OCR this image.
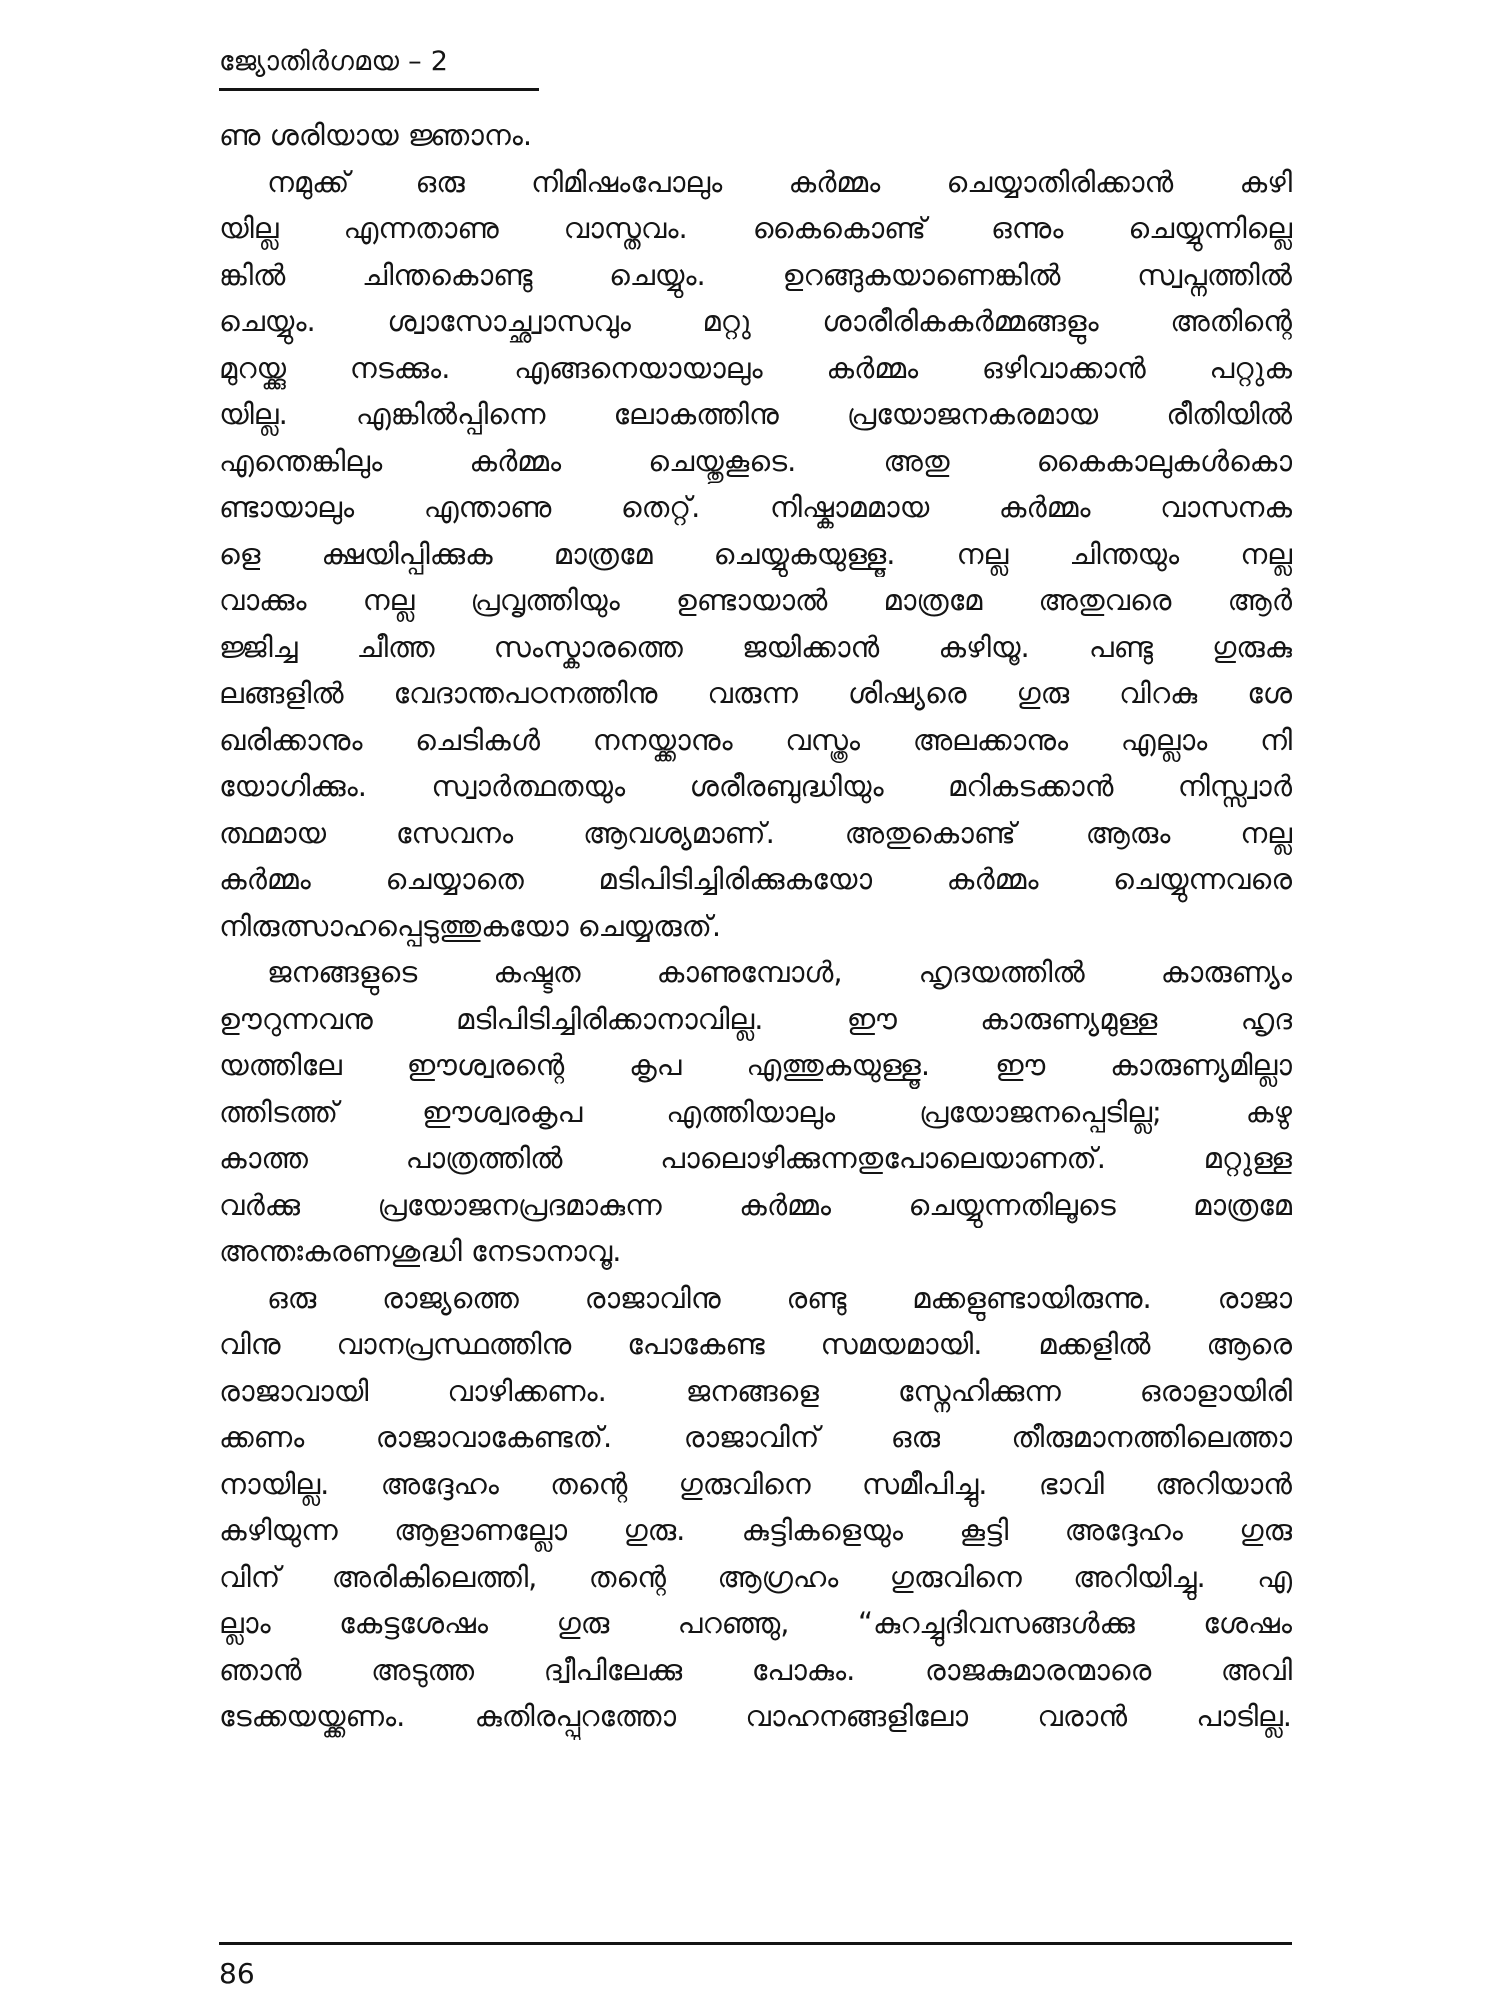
ജ്യോതിർഗമയ – 2
ണു ശരിയായ ജ്ഞാനം.
നമുക്ക് ഒരു നിമിഷംപോലും കർമ്മം ചെയ്യാതിരിക്കാൻ കഴി
യില്ല എന്നതാണു വാസ്തവം. കൈകൊണ്ട് ഒന്നും ചെയ്യുന്നില്ലെ
ങ്കിൽ ചിന്തകൊണ്ടു ചെയ്യും. ഉറങ്ങുകയാണെങ്കിൽ സ്വപ്നത്തിൽ
ചെയ്യും. ശ്വാസോച്ഛ്വാസവും മറ്റു ശാരീരികകർമ്മങ്ങളും അതിന്റെ
മുറയ്ക്കു നടക്കും. എങ്ങനെയായാലും കർമ്മം ഒഴിവാക്കാൻ പറ്റുക
യില്ല. എങ്കിൽപ്പിന്നെ ലോകത്തിനു പ്രയോജനകരമായ രീതിയിൽ
എന്തെങ്കിലും കർമ്മം ചെയ്തുകൂടെ. അതു കൈകാലുകൾകൊ
ണ്ടായാലും എന്താണു തെറ്റ്. നിഷ്കാമമായ കർമ്മം വാസനക
ളെ ക്ഷയിപ്പിക്കുക മാത്രമേ ചെയ്യുകയുള്ളൂ. നല്ല ചിന്തയും നല്ല
വാക്കും നല്ല പ്രവൃത്തിയും ഉണ്ടായാൽ മാത്രമേ അതുവരെ ആർ
ജ്ജിച്ച ചീത്ത സംസ്കാരത്തെ ജയിക്കാൻ കഴിയൂ. പണ്ടു ഗുരുകു
ലങ്ങളിൽ വേദാന്തപഠനത്തിനു വരുന്ന ശിഷ്യരെ ഗുരു വിറകു ശേ
ഖരിക്കാനും ചെടികൾ നനയ്ക്കാനും വസ്ത്രം അലക്കാനും എല്ലാം നി
യോഗിക്കും. സ്വാർത്ഥതയും ശരീരബുദ്ധിയും മറികടക്കാൻ നിസ്സ്വാർ
ത്ഥമായ സേവനം ആവശ്യമാണ്. അതുകൊണ്ട് ആരും നല്ല
കർമ്മം ചെയ്യാതെ മടിപിടിച്ചിരിക്കുകയോ കർമ്മം ചെയ്യുന്നവരെ
നിരുത്സാഹപ്പെടുത്തുകയോ ചെയ്യരുത്.
ജനങ്ങളുടെ കഷ്ടത കാണുമ്പോൾ, ഹൃദയത്തിൽ കാരുണ്യം
ഊറുന്നവനു മടിപിടിച്ചിരിക്കാനാവില്ല. ഈ കാരുണ്യമുള്ള ഹൃദ
യത്തിലേ ഈശ്വരന്റെ കൃപ എത്തുകയുള്ളൂ. ഈ കാരുണ്യമില്ലാ
ത്തിടത്ത് ഈശ്വരകൃപ എത്തിയാലും പ്രയോജനപ്പെടില്ല; കഴു
കാത്ത പാത്രത്തിൽ പാലൊഴിക്കുന്നതുപോലെയാണത്. മറ്റുള്ള
വർക്കു പ്രയോജനപ്രദമാകുന്ന കർമ്മം ചെയ്യുന്നതിലൂടെ മാത്രമേ
അന്തഃകരണശുദ്ധി നേടാനാവൂ.
ഒരു രാജ്യത്തെ രാജാവിനു രണ്ടു മക്കളുണ്ടായിരുന്നു. രാജാ
വിനു വാനപ്രസ്ഥത്തിനു പോകേണ്ട സമയമായി. മക്കളിൽ ആരെ
രാജാവായി വാഴിക്കണം. ജനങ്ങളെ സ്നേഹിക്കുന്ന ഒരാളായിരി
ക്കണം രാജാവാകേണ്ടത്. രാജാവിന് ഒരു തീരുമാനത്തിലെത്താ
നായില്ല. അദ്ദേഹം തന്റെ ഗുരുവിനെ സമീപിച്ചു. ഭാവി അറിയാൻ
കഴിയുന്ന ആളാണല്ലോ ഗുരു. കുട്ടികളെയും കൂട്ടി അദ്ദേഹം ഗുരു
വിന് അരികിലെത്തി, തന്റെ ആഗ്രഹം ഗുരുവിനെ അറിയിച്ചു. എ
ല്ലാം കേട്ടശേഷം ഗുരു പറഞ്ഞു, “കുറച്ചുദിവസങ്ങൾക്കു ശേഷം
ഞാൻ അടുത്ത ദ്വീപിലേക്കു പോകും. രാജകുമാരന്മാരെ അവി
ടേക്കയയ്ക്കണം. കുതിരപ്പുറത്തോ വാഹനങ്ങളിലോ വരാൻ പാടില്ല.
86
